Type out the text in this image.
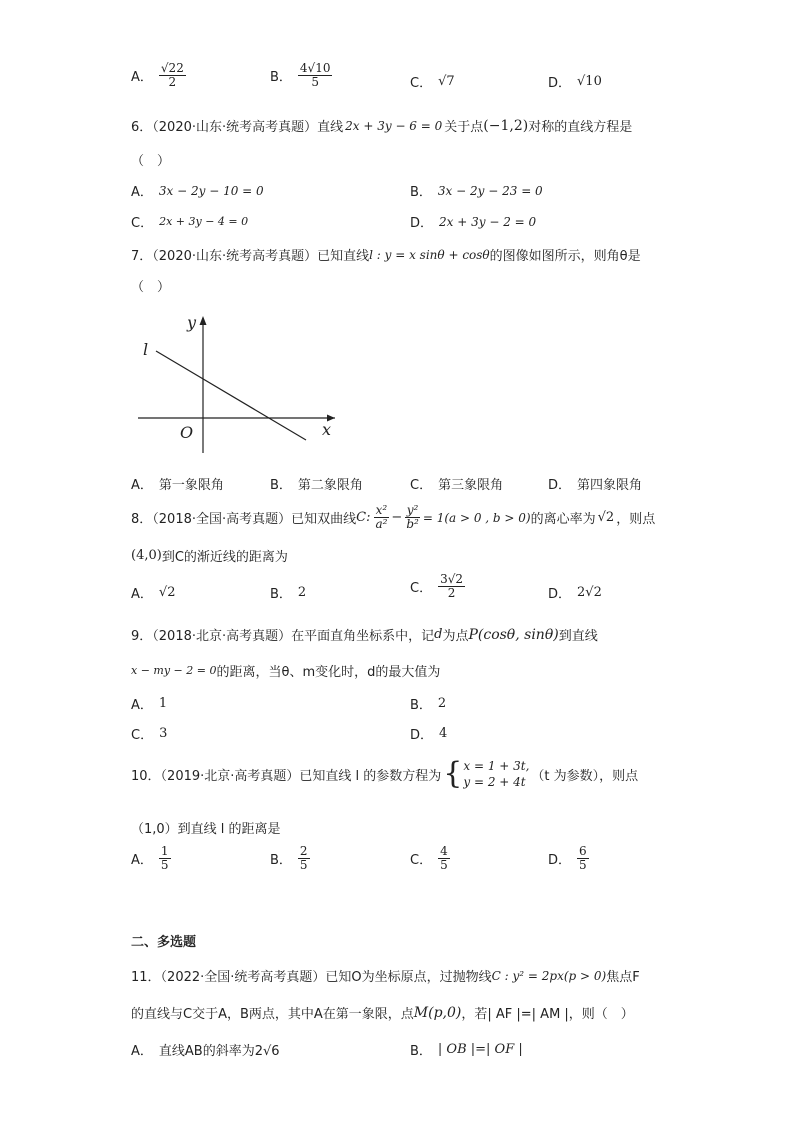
A． $\frac{√22}{2}$	B． $\frac{4√10}{5}$	C． √7	D． √10
6．（2020·山东·统考高考真题）直线 2x + 3y − 6 = 0 关于点 (−1,2) 对称的直线方程是
（　）
A． 3x − 2y − 10 = 0	B． 3x − 2y − 23 = 0
C． 2x + 3y − 4 = 0	D． 2x + 3y − 2 = 0
7．（2020·山东·统考高考真题）已知直线 l : y = x sinθ + cosθ 的图像如图所示，则角θ是
（　）
y
x
O
l
A． 第一象限角	B． 第二象限角	C． 第三象限角	D． 第四象限角
8．（2018·全国·高考真题）已知双曲线 C: $\frac{\text{x²}}{\text{a²}} - \frac{\text{y²}}{\text{b²}} = 1(a > 0$ , b > 0) 的离心率为 √2 ，则点
(4,0) 到C的渐近线的距离为
A． √2	B． 2	C． $\frac{3√2}{2}$	D． 2√2
9．（2018·北京·高考真题）在平面直角坐标系中，记 d 为点 P(cosθ, sinθ) 到直线
x − my − 2 = 0 的距离，当θ、m变化时，d的最大值为
A． 1	B． 2
C． 3	D． 4
10．（2019·北京·高考真题）已知直线 l 的参数方程为 { x = 1 + 3t,
y = 2 + 4t （t 为参数），则点
（1,0）到直线 l 的距离是
A． $\frac{1}{5}$	B． $\frac{2}{5}$	C． $\frac{4}{5}$	D． $\frac{6}{5}$
二、多选题
11．（2022·全国·统考高考真题）已知O为坐标原点，过抛物线 C : y² = 2px(p > 0) 焦点F
的直线与C交于A，B两点，其中A在第一象限，点 M(p,0) ，若| AF |=| AM |，则（　）
A． 直线AB的斜率为2√6	B． | OB |=| OF |
